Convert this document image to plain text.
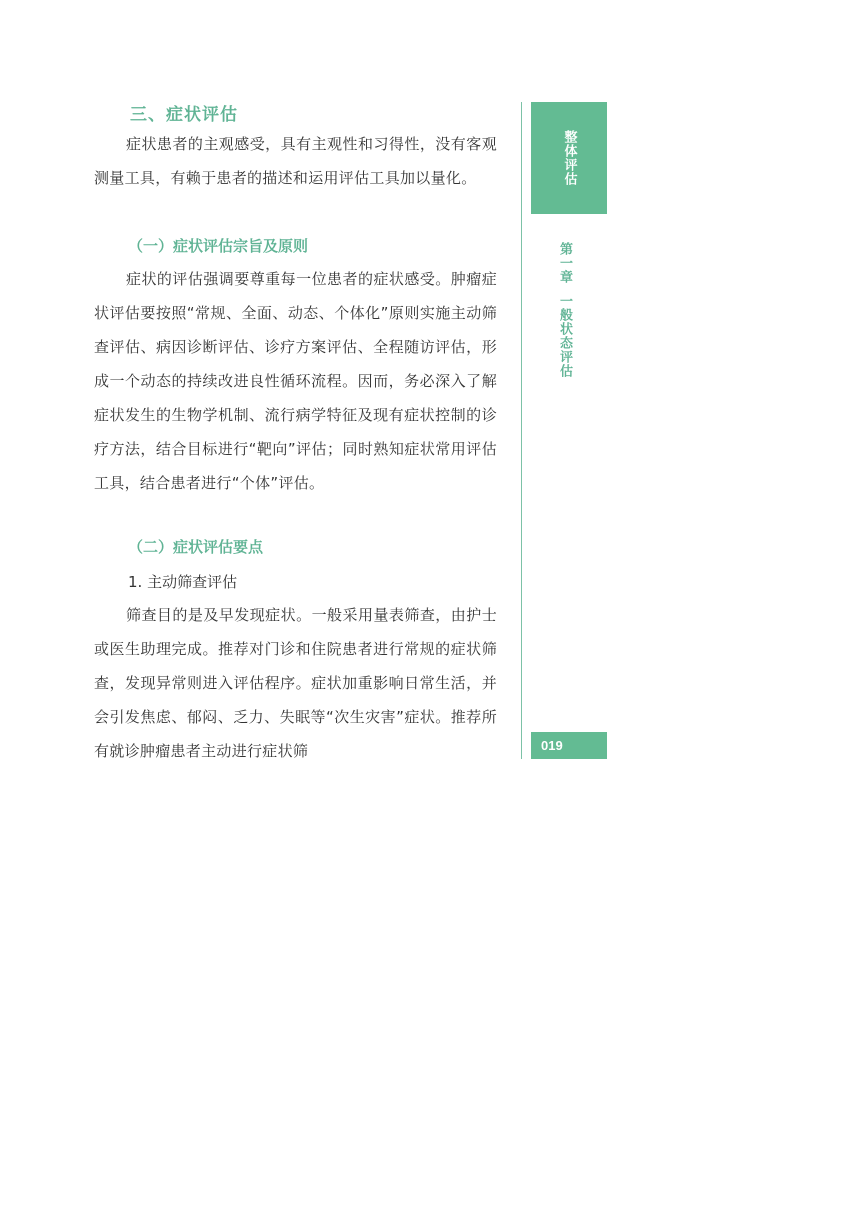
三、症状评估
症状患者的主观感受，具有主观性和习得性，没有客观测量工具，有赖于患者的描述和运用评估工具加以量化。
（一）症状评估宗旨及原则
症状的评估强调要尊重每一位患者的症状感受。肿瘤症状评估要按照“常规、全面、动态、个体化”原则实施主动筛查评估、病因诊断评估、诊疗方案评估、全程随访评估，形成一个动态的持续改进良性循环流程。因而，务必深入了解症状发生的生物学机制、流行病学特征及现有症状控制的诊疗方法，结合目标进行“靶向”评估；同时熟知症状常用评估工具，结合患者进行“个体”评估。
（二）症状评估要点
1. 主动筛查评估
筛查目的是及早发现症状。一般采用量表筛查，由护士或医生助理完成。推荐对门诊和住院患者进行常规的症状筛查，发现异常则进入评估程序。症状加重影响日常生活，并会引发焦虑、郁闷、乏力、失眠等“次生灾害”症状。推荐所有就诊肿瘤患者主动进行症状筛
整体评估
第一章一般状态评估
019
